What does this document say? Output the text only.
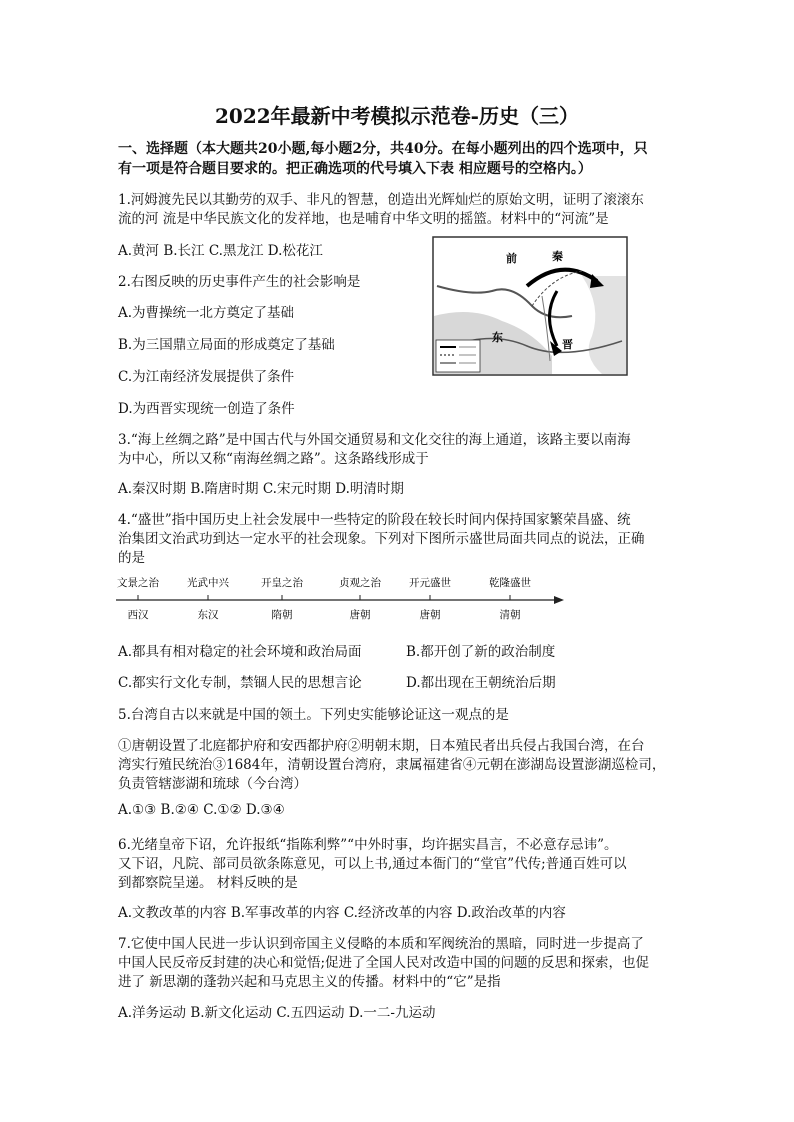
2022年最新中考模拟示范卷-历史（三）
一、选择题（本大题共20小题,每小题2分，共40分。在每小题列出的四个选项中，只
有一项是符合题目要求的。把正确选项的代号填入下表 相应题号的空格内。）
1.河姆渡先民以其勤劳的双手、非凡的智慧，创造出光辉灿烂的原始文明，证明了滚滚东
流的河 流是中华民族文化的发祥地，也是哺育中华文明的摇篮。材料中的“河流”是
A.黄河 B.长江 C.黑龙江 D.松花江
2.右图反映的历史事件产生的社会影响是
A.为曹操统一北方奠定了基础
B.为三国鼎立局面的形成奠定了基础
C.为江南经济发展提供了条件
D.为西晋实现统一创造了条件
前	秦
东
晋
3.“海上丝绸之路”是中国古代与外国交通贸易和文化交往的海上通道，该路主要以南海
为中心，所以又称“南海丝绸之路”。这条路线形成于
A.秦汉时期 B.隋唐时期 C.宋元时期 D.明清时期
4.“盛世”指中国历史上社会发展中一些特定的阶段在较长时间内保持国家繁荣昌盛、统
治集团文治武功到达一定水平的社会现象。下列对下图所示盛世局面共同点的说法，正确
的是
文景之治
西汉
光武中兴
东汉
开皇之治
隋朝
贞观之治
唐朝
开元盛世
唐朝
乾隆盛世
清朝
A.都具有相对稳定的社会环境和政治局面	B.都开创了新的政治制度
C.都实行文化专制，禁锢人民的思想言论	D.都出现在王朝统治后期
5.台湾自古以来就是中国的领土。下列史实能够论证这一观点的是
①唐朝设置了北庭都护府和安西都护府②明朝末期，日本殖民者出兵侵占我国台湾，在台
湾实行殖民统治③1684年，清朝设置台湾府，隶属福建省④元朝在澎湖岛设置澎湖巡检司，
负责管辖澎湖和琉球（今台湾）
A.①③ B.②④ C.①② D.③④
6.光绪皇帝下诏，允许报纸“指陈利弊”“中外时事，均许据实昌言，不必意存忌讳”。
又下诏，凡院、部司员欲条陈意见，可以上书,通过本衙门的“堂官”代传;普通百姓可以
到都察院呈递。 材料反映的是
A.文教改革的内容 B.军事改革的内容 C.经济改革的内容 D.政治改革的内容
7.它使中国人民进一步认识到帝国主义侵略的本质和军阀统治的黑暗，同时进一步提高了
中国人民反帝反封建的决心和觉悟;促进了全国人民对改造中国的问题的反思和探索，也促
进了 新思潮的蓬勃兴起和马克思主义的传播。材料中的“它”是指
A.洋务运动 B.新文化运动 C.五四运动 D.一二-九运动
